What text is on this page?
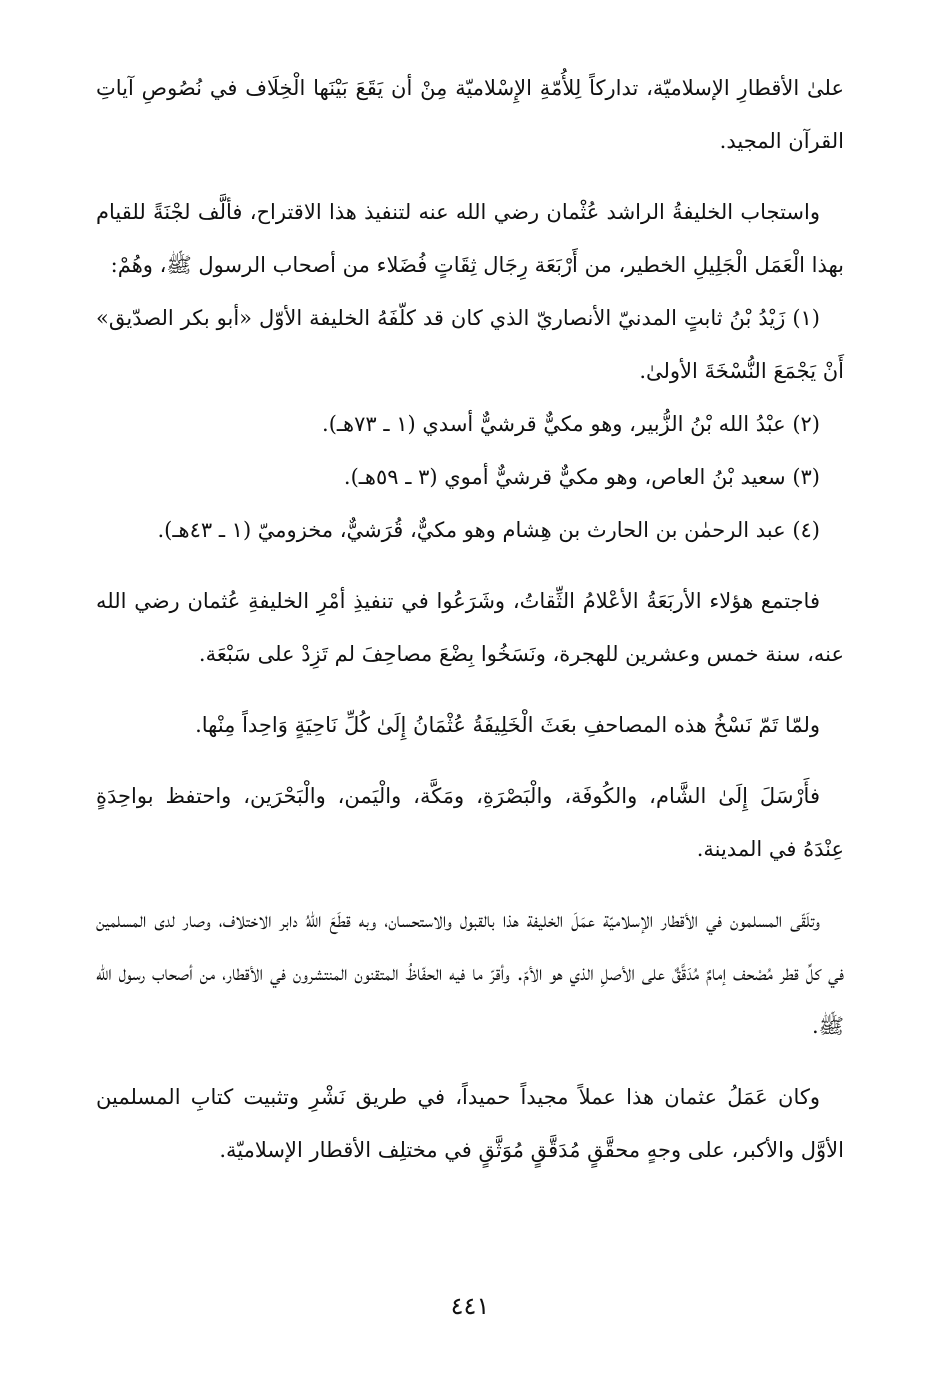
علىٰ الأقطارِ الإسلاميّة، تداركاً لِلأُمّةِ الإِسْلاميّة مِنْ أن يَقَعَ بَيْنَها الْخِلَاف في نُصُوصِ آياتِ القرآن المجيد.

واستجاب الخليفةُ الراشد عُثْمان رضي الله عنه لتنفيذ هذا الاقتراح، فألَّف لجْنَةً للقيام بهذا الْعَمَل الْجَلِيلِ الخطير، من أَرْبَعَة رِجَال ثِقَاتٍ فُضَلاء من أصحاب الرسول ﷺ، وهُمْ:

(١) زَيْدُ بْنُ ثابتٍ المدنيّ الأنصاريّ الذي كان قد كلّفَهُ الخليفة الأوّل «أبو بكر الصدّيق» أَنْ يَجْمَعَ النُّسْخَةَ الأولىٰ.

(٢) عبْدُ الله بْنُ الزُّبير، وهو مكيٌّ قرشيٌّ أسدي (١ ـ ٧٣هـ).

(٣) سعيد بْنُ العاص، وهو مكيٌّ قرشيٌّ أموي (٣ ـ ٥٩هـ).

(٤) عبد الرحمٰن بن الحارث بن هِشام وهو مكيٌّ، قُرَشيٌّ، مخزوميّ (١ ـ ٤٣هـ).

فاجتمع هؤلاء الأربَعَةُ الأعْلامُ الثِّقاتُ، وشَرَعُوا في تنفيذِ أمْرِ الخليفةِ عُثمان رضي الله عنه، سنة خمس وعشرين للهجرة، ونَسَخُوا بِضْعَ مصاحِفَ لم تَزِدْ على سَبْعَة.

ولمّا تَمّ نَسْخُ هذه المصاحفِ بعَثَ الْخَلِيفَةُ عُثْمَانُ إِلَىٰ كُلِّ نَاحِيَةٍ وَاحِداً مِنْها.

فأَرْسَلَ إِلَىٰ الشَّام، والكُوفَة، والْبَصْرَةِ، ومَكَّة، والْيَمن، والْبَحْرَين، واحتفظ بواحِدَةٍ عِنْدَهُ في المدينة.

وتلَقّى المسلمون في الأقطار الإسلاميّة عمَلَ الخليفة هذا بالقبول والاستحسان، وبه قطَعَ اللّهُ دابر الاختلاف، وصار لدى المسلمين في كلِّ قطر مُصْحف إمامٌ مُدَقَّقٌ على الأصلِ الذي هو الأمّ. وأقرّ ما فيه الحفّاظُ المتقنون المنتشرون في الأقطار، من أصحاب رسول الله ﷺ.

وكان عَمَلُ عثمان هذا عملاً مجيداً حميداً، في طريق نَشْرِ وتثبيت كتابِ المسلمين الأوَّل والأكبر، على وجهٍ محقَّقٍ مُدَقَّقٍ مُوَثَّقٍ في مختلِف الأقطار الإسلاميّة.

٤٤١
